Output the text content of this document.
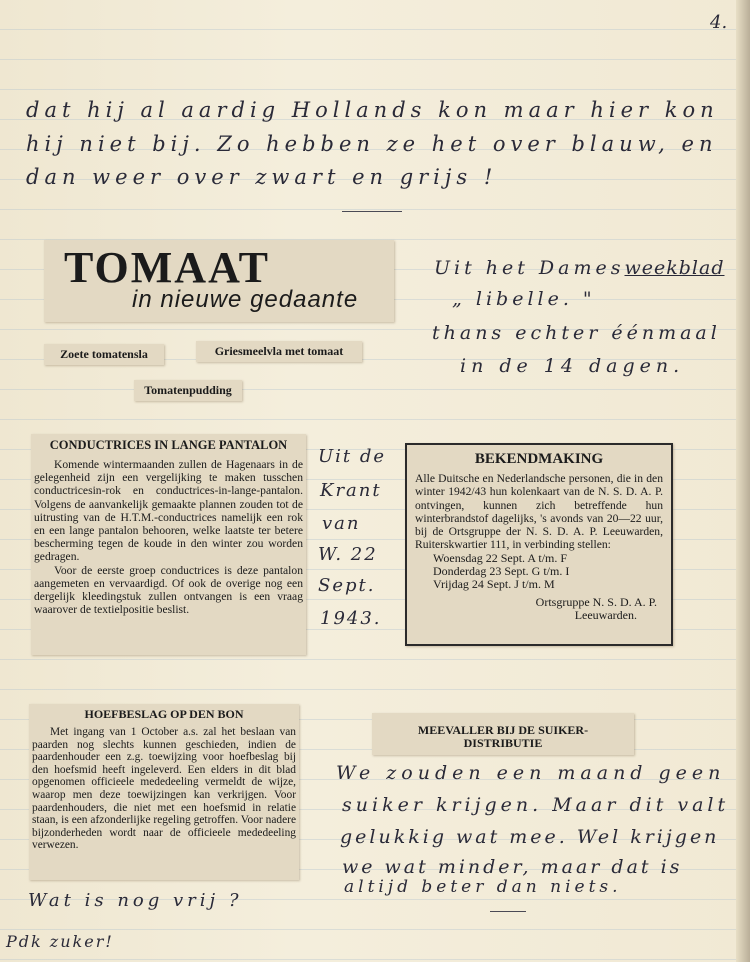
4.
dat hij al aardig Hollands kon maar hier kon
hij niet bij. Zo hebben ze het over blauw, en
dan weer over zwart en grijs !
TOMAAT
in nieuwe gedaante
Zoete tomatensla	Griesmeelvla met tomaat
Tomatenpudding
Uit het Damesweekblad
„ libelle. "
thans echter éénmaal
in de 14 dagen.

CONDUCTRICES IN LANGE PANTALON

Komende wintermaanden zullen de Hagenaars in de gelegenheid zijn een vergelijking te maken tusschen conductricesin-rok en conductrices-in-lange-pantalon. Volgens de aanvankelijk gemaakte plannen zouden tot de uitrusting van de H.T.M.-conductrices namelijk een rok en een lange pantalon behooren, welke laatste ter betere bescherming tegen de koude in den winter zou worden gedragen.

Voor de eerste groep conductrices is deze pantalon aangemeten en vervaardigd. Of ook de overige nog een dergelijk kleedingstuk zullen ontvangen is een vraag waarover de textielpositie beslist.

Uit de
Krant
van
W. 22
Sept.
1943.

BEKENDMAKING

Alle Duitsche en Nederlandsche personen, die in den winter 1942/43 hun kolenkaart van de N. S. D. A. P. ontvingen, kunnen zich betreffende hun winterbrandstof dagelijks, 's avonds van 20—22 uur, bij de Ortsgruppe der N. S. D. A. P. Leeuwarden, Ruiterskwartier 111, in verbinding stellen:

Woensdag 22 Sept. A t/m. F

Donderdag 23 Sept. G t/m. I

Vrijdag 24 Sept. J t/m. M

Ortsgruppe N. S. D. A. P.

Leeuwarden.

HOEFBESLAG OP DEN BON

Met ingang van 1 October a.s. zal het beslaan van paarden nog slechts kunnen geschieden, indien de paardenhouder een z.g. toewijzing voor hoefbeslag bij den hoefsmid heeft ingeleverd. Een elders in dit blad opgenomen officieele mededeeling vermeldt de wijze, waarop men deze toewijzingen kan verkrijgen. Voor paardenhouders, die niet met een hoefsmid in relatie staan, is een afzonderlijke regeling getroffen. Voor nadere bijzonderheden wordt naar de officieele mededeeling verwezen.

Wat is nog vrij ?
Pdk zuker!

MEEVALLER BIJ DE SUIKER-

DISTRIBUTIE

We zouden een maand geen
suiker krijgen. Maar dit valt
gelukkig wat mee. Wel krijgen
we wat minder, maar dat is
altijd beter dan niets.
